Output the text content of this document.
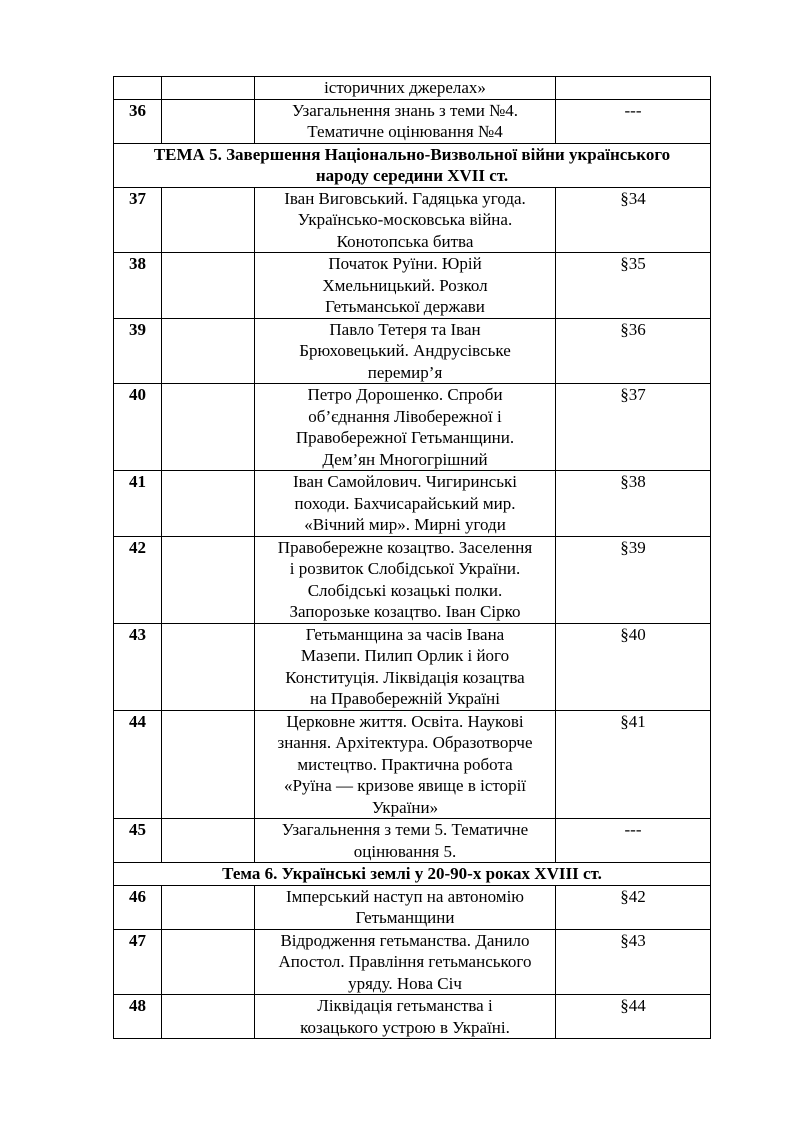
		історичних джерелах»	

36		Узагальнення знань з теми №4.
Тематичне оцінювання №4	---

ТЕМА 5. Завершення Національно-Визвольної війни українського
народу середини XVII ст.			

37		Іван Виговський. Гадяцька угода.
Українсько-московська війна.
Конотопська битва	§34
38		Початок Руїни. Юрій
Хмельницький. Розкол
Гетьманської держави	§35
39		Павло Тетеря та Іван
Брюховецький. Андрусівське
перемир’я	§36
40		Петро Дорошенко. Спроби
об’єднання Лівобережної і
Правобережної Гетьманщини.
Дем’ян Многогрішний	§37
41		Іван Самойлович. Чигиринські
походи. Бахчисарайський мир.
«Вічний мир». Мирні угоди	§38
42		Правобережне козацтво. Заселення
і розвиток Слобідської України.
Слобідські козацькі полки.
Запорозьке козацтво. Іван Сірко	§39
43		Гетьманщина за часів Івана
Мазепи. Пилип Орлик і його
Конституція. Ліквідація козацтва
на Правобережній Україні	§40
44		Церковне життя. Освіта. Наукові
знання. Архітектура. Образотворче
мистецтво. Практична робота
«Руїна — кризове явище в історії
України»	§41
45		Узагальнення з теми 5. Тематичне
оцінювання 5.	---

Тема 6. Українські землі у 20-90-х роках XVIII ст.			

46		Імперський наступ на автономію
Гетьманщини	§42
47		Відродження гетьманства. Данило
Апостол. Правління гетьманського
уряду. Нова Січ	§43
48		Ліквідація гетьманства і
козацького устрою в Україні.	§44
